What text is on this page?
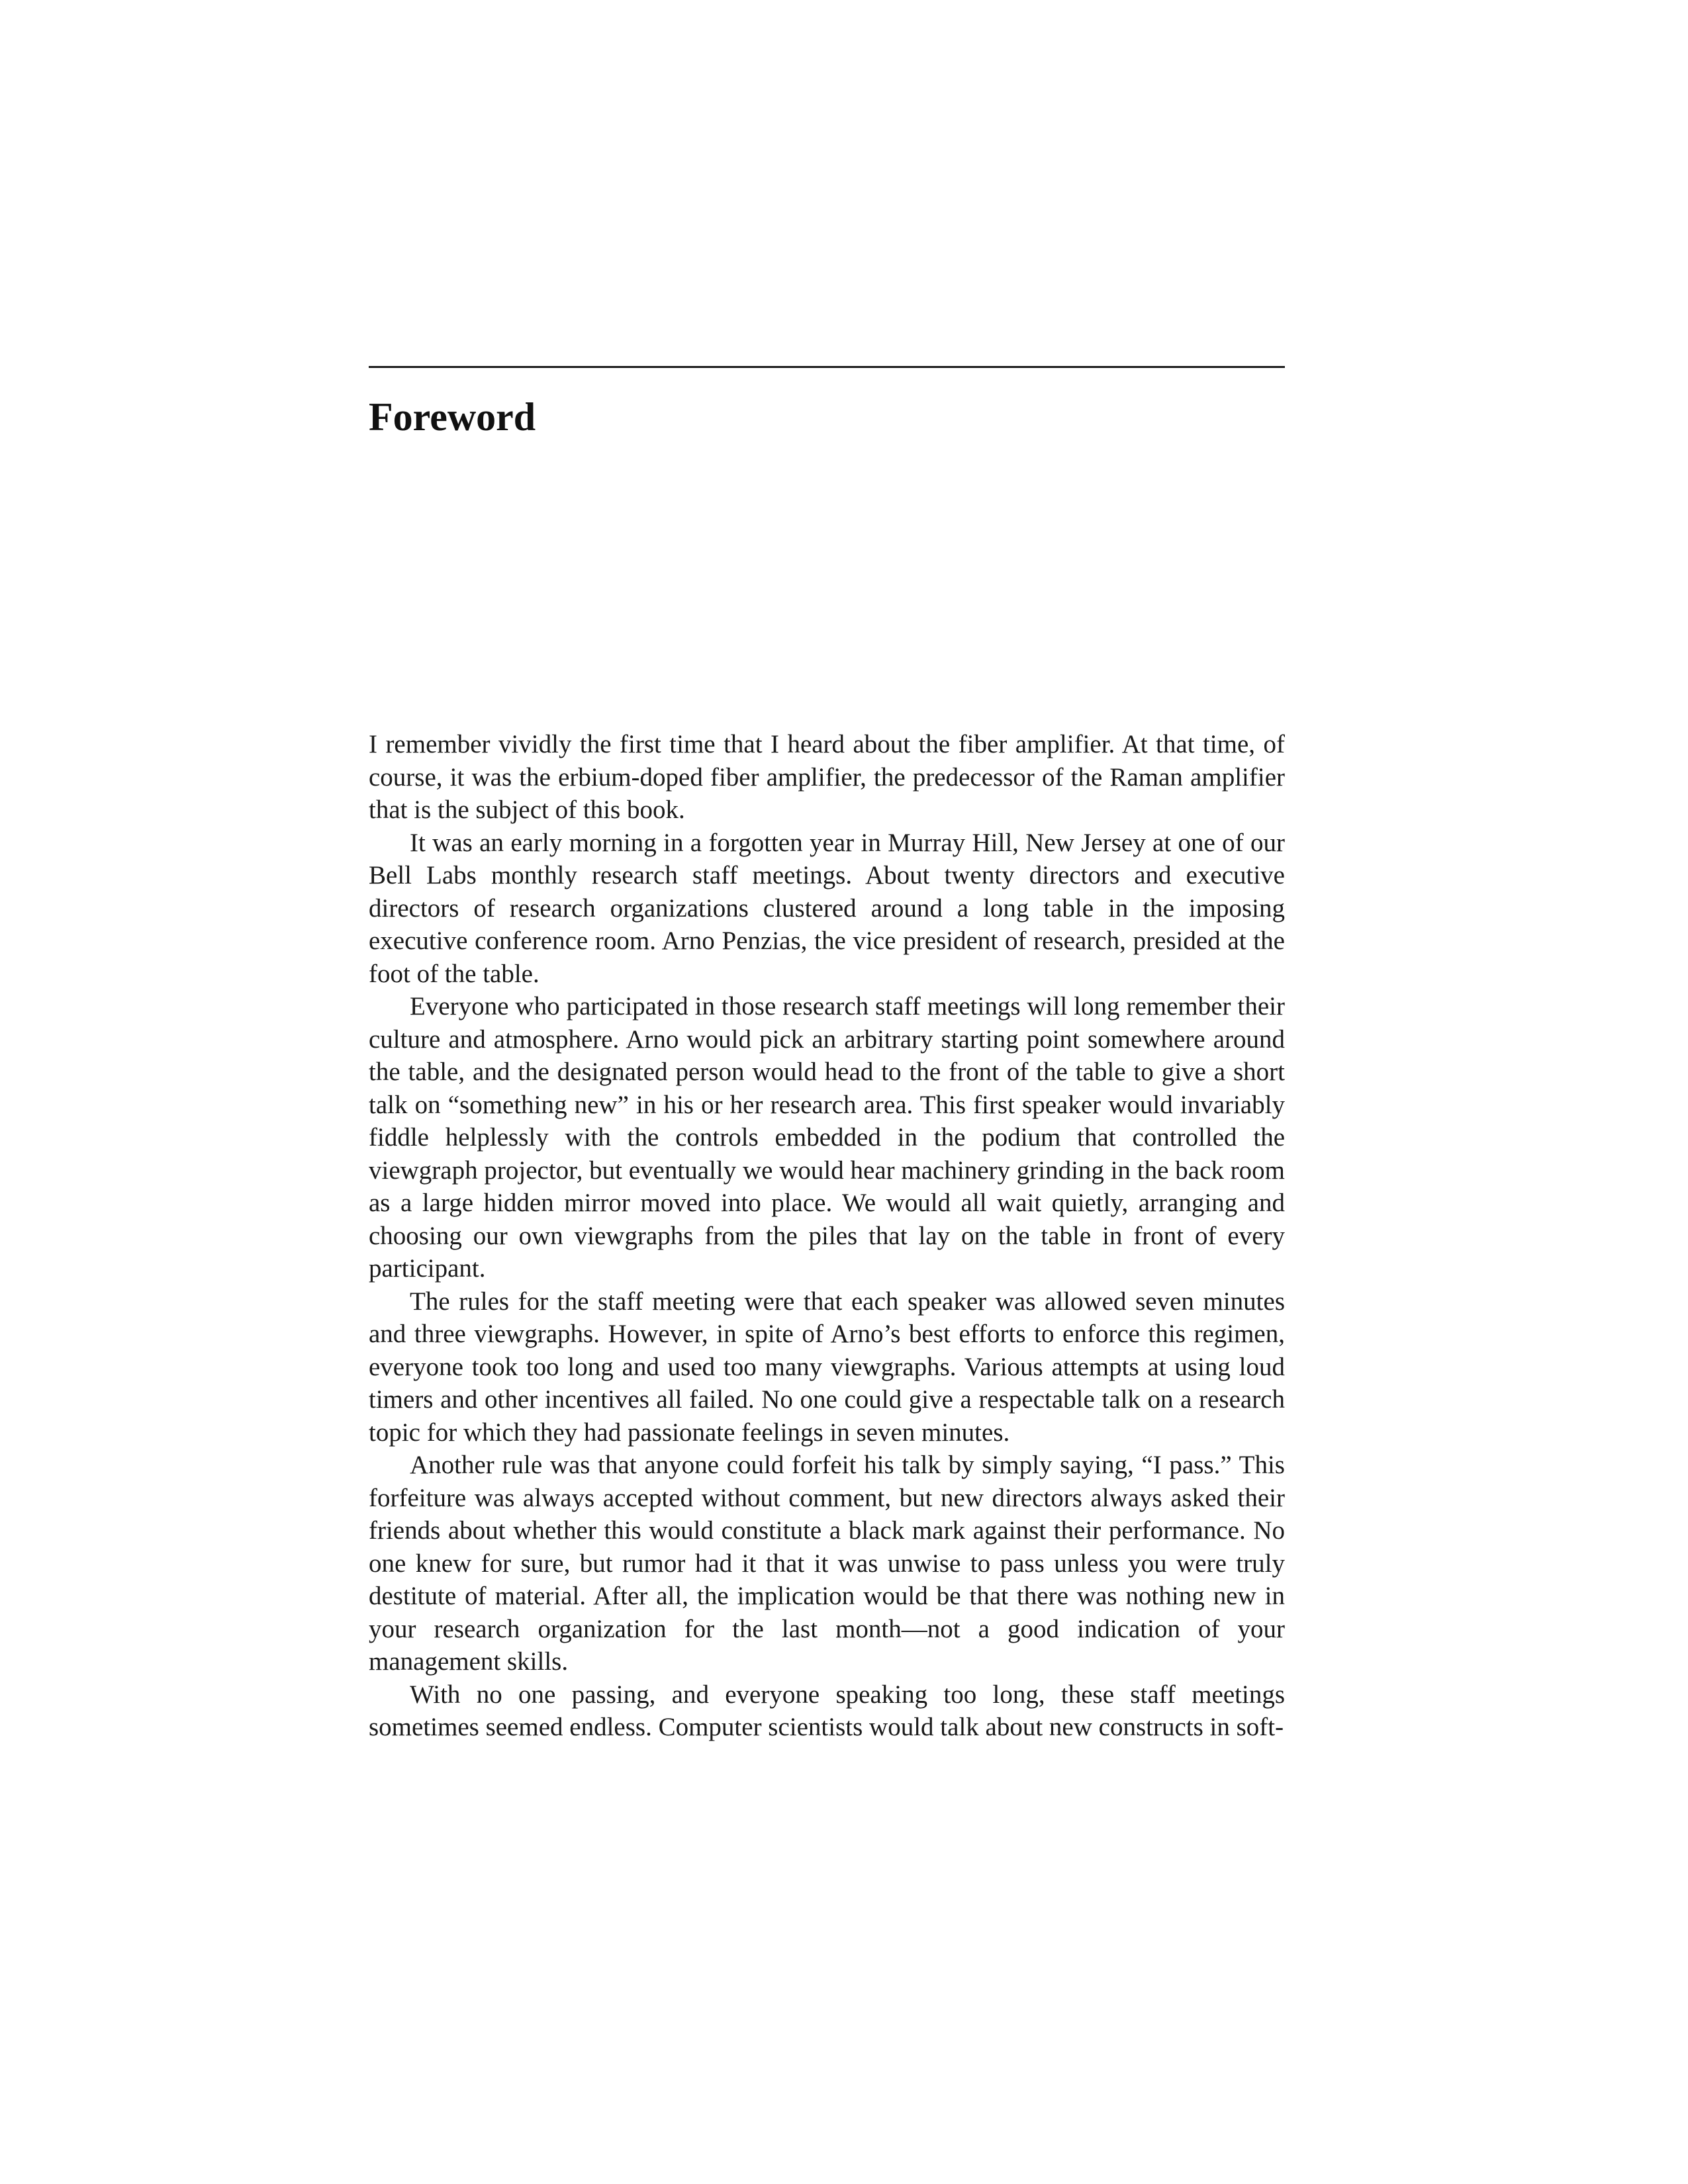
Foreword

I remember vividly the first time that I heard about the fiber amplifier. At that time, of course, it was the erbium-doped fiber amplifier, the predecessor of the Raman amplifier that is the subject of this book.

It was an early morning in a forgotten year in Murray Hill, New Jersey at one of our Bell Labs monthly research staff meetings. About twenty directors and executive directors of research organizations clustered around a long table in the imposing executive conference room. Arno Penzias, the vice president of research, presided at the foot of the table.

Everyone who participated in those research staff meetings will long remember their culture and atmosphere. Arno would pick an arbitrary starting point somewhere around the table, and the designated person would head to the front of the table to give a short talk on “something new” in his or her research area. This first speaker would invariably fiddle helplessly with the controls embedded in the podium that controlled the viewgraph projector, but eventually we would hear machinery grinding in the back room as a large hidden mirror moved into place. We would all wait quietly, arranging and choosing our own viewgraphs from the piles that lay on the table in front of every participant.

The rules for the staff meeting were that each speaker was allowed seven minutes and three viewgraphs. However, in spite of Arno’s best efforts to enforce this regimen, everyone took too long and used too many viewgraphs. Various attempts at using loud timers and other incentives all failed. No one could give a respectable talk on a research topic for which they had passionate feelings in seven minutes.

Another rule was that anyone could forfeit his talk by simply saying, “I pass.” This forfeiture was always accepted without comment, but new directors always asked their friends about whether this would constitute a black mark against their performance. No one knew for sure, but rumor had it that it was unwise to pass unless you were truly destitute of material. After all, the implication would be that there was nothing new in your research organization for the last month—not a good indication of your management skills.

With no one passing, and everyone speaking too long, these staff meetings sometimes seemed endless. Computer scientists would talk about new constructs in soft-
